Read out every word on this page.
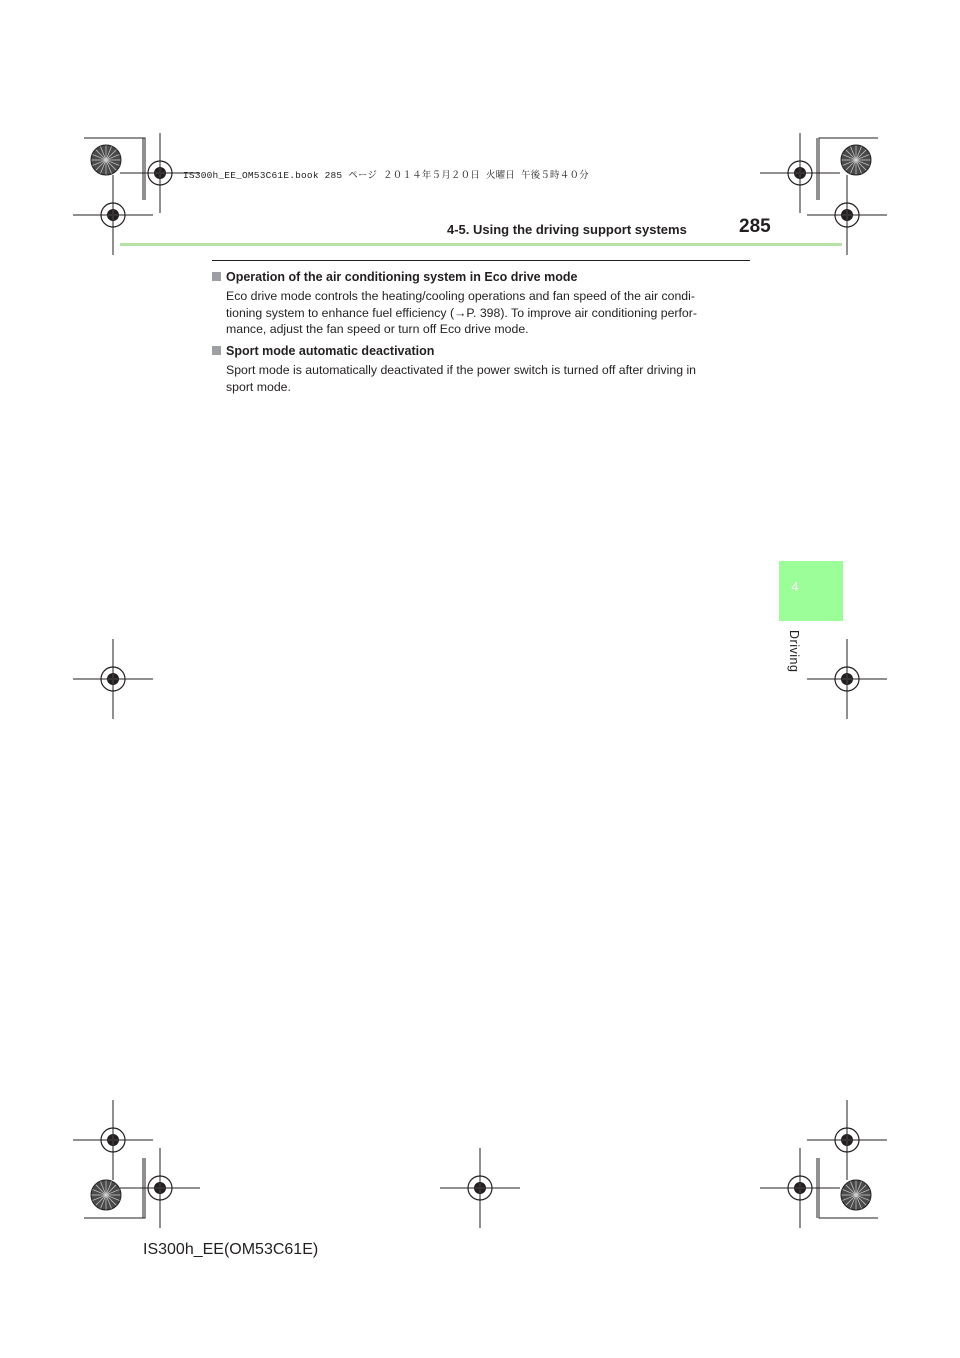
IS300h_EE_OM53C61E.book 285 ページ ２０１４年５月２０日 火曜日 午後５時４０分
4-5. Using the driving support systems	285
Operation of the air conditioning system in Eco drive mode
Eco drive mode controls the heating/cooling operations and fan speed of the air condi-
tioning system to enhance fuel efficiency (→P. 398). To improve air conditioning perfor-
mance, adjust the fan speed or turn off Eco drive mode.
Sport mode automatic deactivation
Sport mode is automatically deactivated if the power switch is turned off after driving in
sport mode.
4
Driving
IS300h_EE(OM53C61E)
